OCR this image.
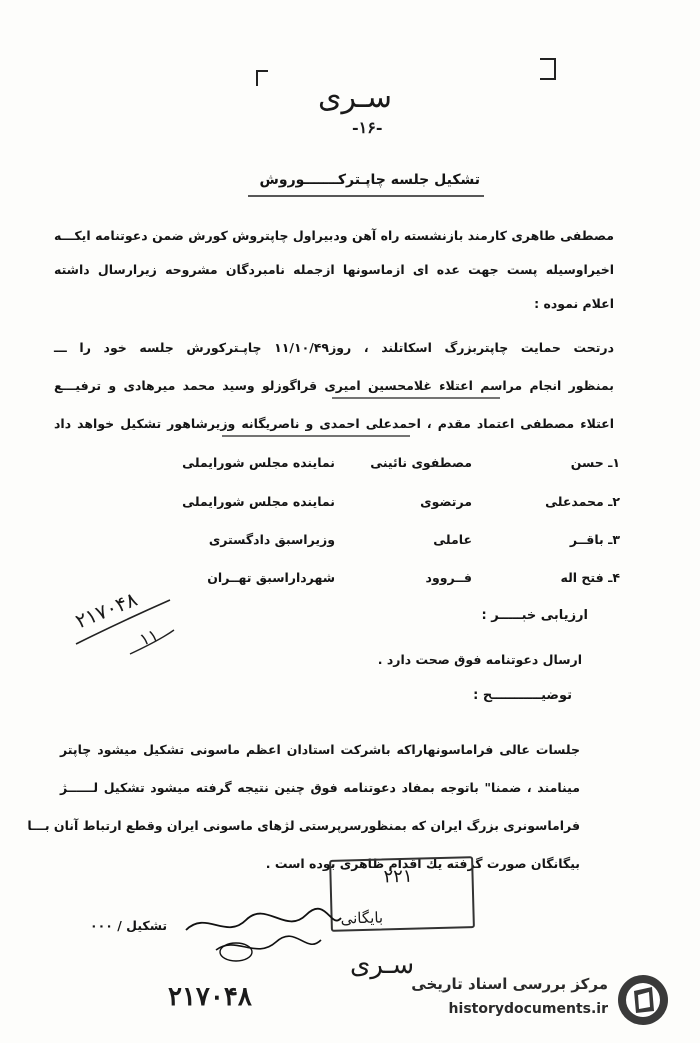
سـری
-۱۶-
تشکیل جلسه چاپـترکـــــــوروش
مصطفی طاهری کارمند بازنشسته راه آهن ودبیراول چاپتروش کورش ضمن دعوتنامه ایکـــه
اخیراوسیله پست جهت عده ای ازماسونها ازجمله نامبردگان مشروحه زیرارسال داشته
اعلام نموده :
درتحت حمایت چاپتربزرگ اسکاتلند ، روز۱۱/۱۰/۴۹ چاپـترکورش جلسه خود را ـــ
بمنظور انجام مراسم اعتلاء غلامحسین امیری قراگوزلو وسید محمد میرهادی و ترفیـــع
اعتلاء مصطفی اعتماد مقدم ، احمدعلی احمدی و ناصریگانه وزیرشاهور تشکیل خواهد داد
۱ـ حسن
مصطفوی نائینی
نماینده مجلس شورایملی
۲ـ محمدعلی
مرتضوی
نماینده مجلس شورایملی
۳ـ باقــر
عاملی
وزیراسبق دادگستری
۴ـ فتح اله
فــروود
شهرداراسبق تهــران
۲۱۷۰۴۸
۱۱
ارزیابی خبـــــر :
ارسال دعوتنامه فوق صحت دارد .
توضیـــــــــــح :
جلسات عالی فراماسونهاراکه باشرکت استادان اعظم ماسونی تشکیل میشود چاپتر
مینامند ، ضمنا" باتوجه بمفاد دعوتنامه فوق چنین نتیجه گرفته میشود تشکیل لــــــژ
فراماسونری بزرگ ایران که بمنظورسرپرستی لژهای ماسونی ایران وقطع ارتباط آنان بـــا
بیگانگان صورت گرفته یك اقدام ظاهری بوده است .
۲۲۱
بایگانی
تشکیل / ۰۰۰
سـری
۲۱۷۰۴۸	مرکز بررسی اسناد تاریخی
historydocuments.ir
